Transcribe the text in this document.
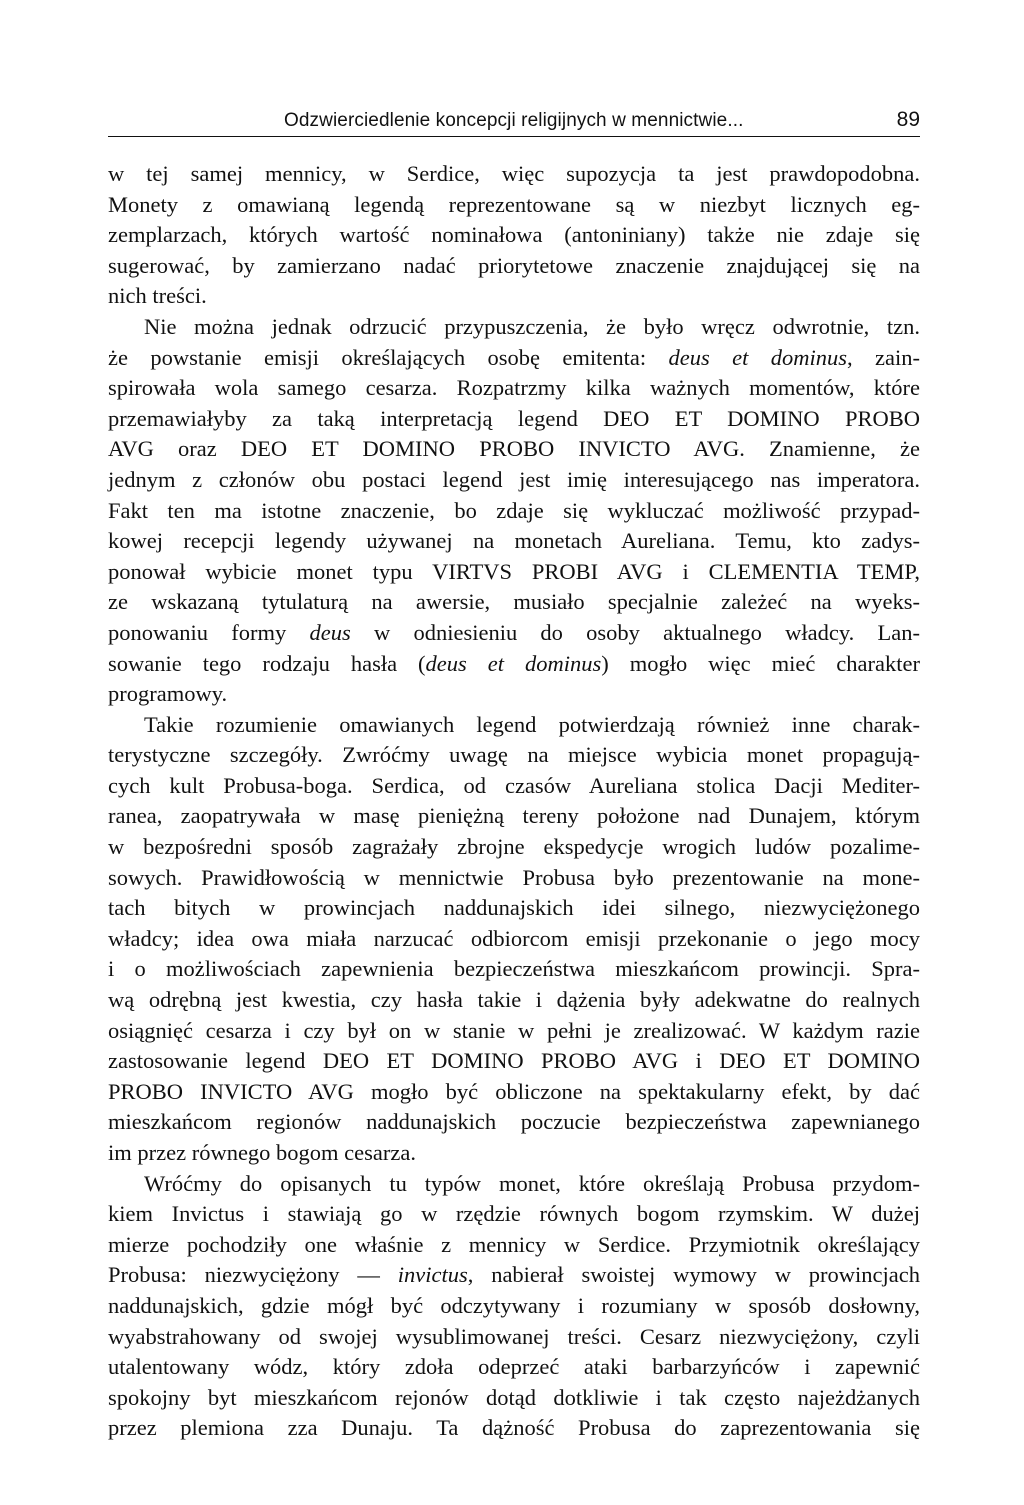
Odzwierciedlenie koncepcji religijnych w mennictwie...	89
w tej samej mennicy, w Serdice, więc supozycja ta jest prawdopodobna.
Monety z omawianą legendą reprezentowane są w niezbyt licznych eg-
zemplarzach, których wartość nominałowa (antoniniany) także nie zdaje się
sugerować, by zamierzano nadać priorytetowe znaczenie znajdującej się na
nich treści.
Nie można jednak odrzucić przypuszczenia, że było wręcz odwrotnie, tzn.
że powstanie emisji określających osobę emitenta: deus et dominus, zain-
spirowała wola samego cesarza. Rozpatrzmy kilka ważnych momentów, które
przemawiałyby za taką interpretacją legend DEO ET DOMINO PROBO
AVG oraz DEO ET DOMINO PROBO INVICTO AVG. Znamienne, że
jednym z członów obu postaci legend jest imię interesującego nas imperatora.
Fakt ten ma istotne znaczenie, bo zdaje się wykluczać możliwość przypad-
kowej recepcji legendy używanej na monetach Aureliana. Temu, kto zadys-
ponował wybicie monet typu VIRTVS PROBI AVG i CLEMENTIA TEMP,
ze wskazaną tytulaturą na awersie, musiało specjalnie zależeć na wyeks-
ponowaniu formy deus w odniesieniu do osoby aktualnego władcy. Lan-
sowanie tego rodzaju hasła (deus et dominus) mogło więc mieć charakter
programowy.
Takie rozumienie omawianych legend potwierdzają również inne charak-
terystyczne szczegóły. Zwróćmy uwagę na miejsce wybicia monet propagują-
cych kult Probusa-boga. Serdica, od czasów Aureliana stolica Dacji Mediter-
ranea, zaopatrywała w masę pieniężną tereny położone nad Dunajem, którym
w bezpośredni sposób zagrażały zbrojne ekspedycje wrogich ludów pozalime-
sowych. Prawidłowością w mennictwie Probusa było prezentowanie na mone-
tach bitych w prowincjach naddunajskich idei silnego, niezwyciężonego
władcy; idea owa miała narzucać odbiorcom emisji przekonanie o jego mocy
i o możliwościach zapewnienia bezpieczeństwa mieszkańcom prowincji. Spra-
wą odrębną jest kwestia, czy hasła takie i dążenia były adekwatne do realnych
osiągnięć cesarza i czy był on w stanie w pełni je zrealizować. W każdym razie
zastosowanie legend DEO ET DOMINO PROBO AVG i DEO ET DOMINO
PROBO INVICTO AVG mogło być obliczone na spektakularny efekt, by dać
mieszkańcom regionów naddunajskich poczucie bezpieczeństwa zapewnianego
im przez równego bogom cesarza.
Wróćmy do opisanych tu typów monet, które określają Probusa przydom-
kiem Invictus i stawiają go w rzędzie równych bogom rzymskim. W dużej
mierze pochodziły one właśnie z mennicy w Serdice. Przymiotnik określający
Probusa: niezwyciężony — invictus, nabierał swoistej wymowy w prowincjach
naddunajskich, gdzie mógł być odczytywany i rozumiany w sposób dosłowny,
wyabstrahowany od swojej wysublimowanej treści. Cesarz niezwyciężony, czyli
utalentowany wódz, który zdoła odeprzeć ataki barbarzyńców i zapewnić
spokojny byt mieszkańcom rejonów dotąd dotkliwie i tak często najeżdżanych
przez plemiona zza Dunaju. Ta dążność Probusa do zaprezentowania się
